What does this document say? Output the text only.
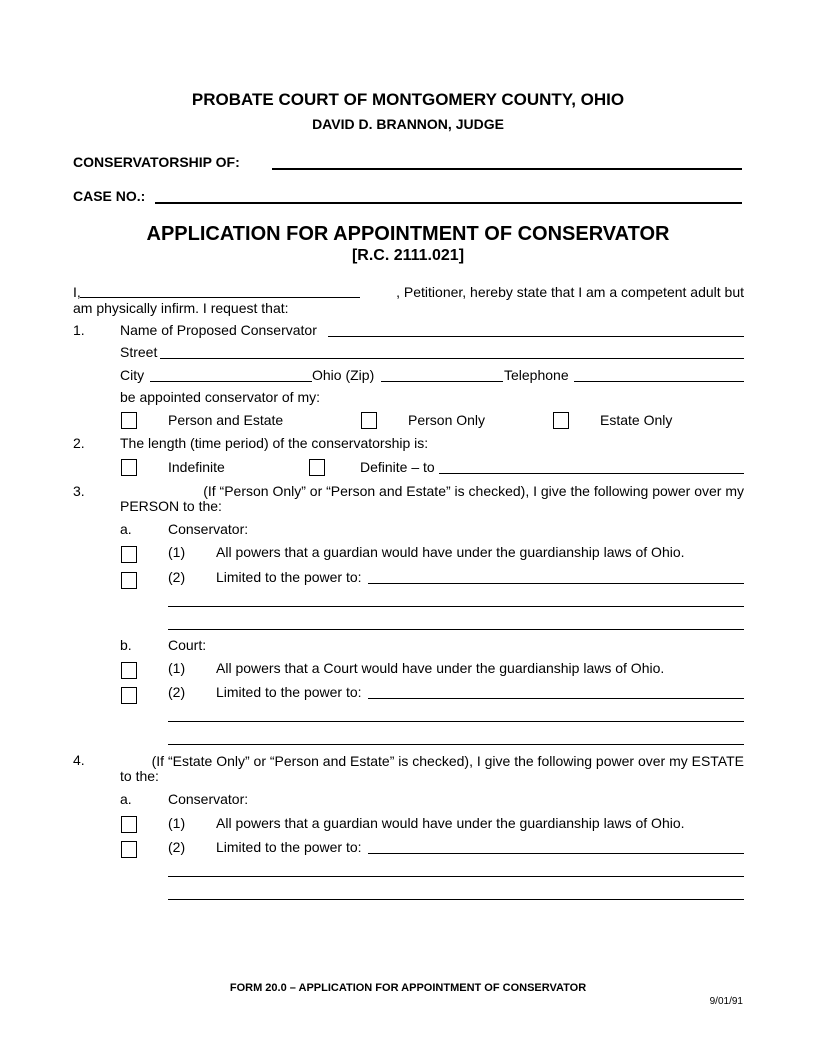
PROBATE COURT OF MONTGOMERY COUNTY, OHIO
DAVID D. BRANNON, JUDGE
CONSERVATORSHIP OF:
CASE NO.:
APPLICATION FOR APPOINTMENT OF CONSERVATOR
[R.C. 2111.021]
I,	, Petitioner, hereby state that I am a competent adult but
am physically infirm. I request that:
1.	Name of Proposed Conservator
Street
City	Ohio (Zip)	Telephone
be appointed conservator of my:
Person and Estate	Person Only	Estate Only
2.	The length (time period) of the conservatorship is:
Indefinite	Definite – to
3.	(If “Person Only” or “Person and Estate” is checked), I give the following power over my
PERSON to the:
a.	Conservator:
(1) All powers that a guardian would have under the guardianship laws of Ohio.
(2) Limited to the power to:
b.	Court:
(1) All powers that a Court would have under the guardianship laws of Ohio.
(2) Limited to the power to:
4.	(If “Estate Only” or “Person and Estate” is checked), I give the following power over my ESTATE
to the:
a.	Conservator:
(1) All powers that a guardian would have under the guardianship laws of Ohio.
(2) Limited to the power to:
FORM 20.0 – APPLICATION FOR APPOINTMENT OF CONSERVATOR
9/01/91
